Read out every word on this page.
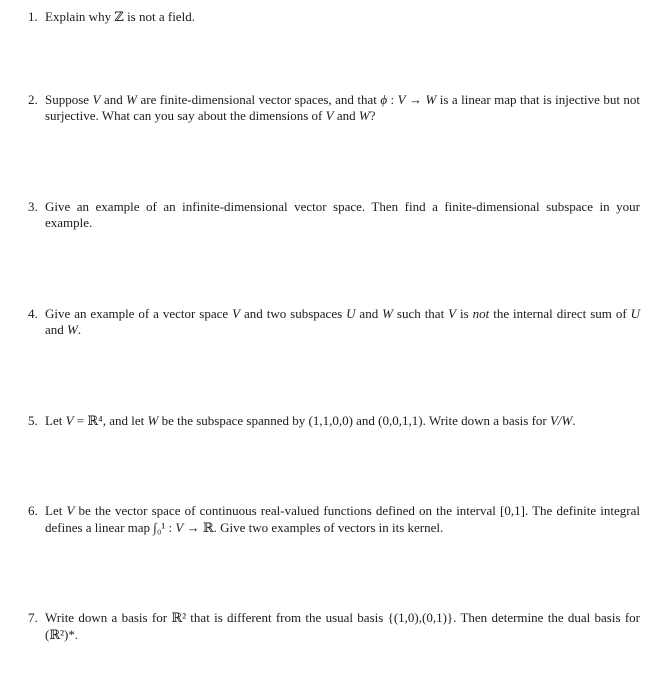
1. Explain why ℤ is not a field.
2. Suppose V and W are finite-dimensional vector spaces, and that ϕ : V → W is a linear map that is injective but not surjective. What can you say about the dimensions of V and W?
3. Give an example of an infinite-dimensional vector space. Then find a finite-dimensional subspace in your example.
4. Give an example of a vector space V and two subspaces U and W such that V is not the internal direct sum of U and W.
5. Let V = ℝ⁴, and let W be the subspace spanned by (1,1,0,0) and (0,0,1,1). Write down a basis for V/W.
6. Let V be the vector space of continuous real-valued functions defined on the interval [0,1]. The definite integral defines a linear map ∫₀¹ : V → ℝ. Give two examples of vectors in its kernel.
7. Write down a basis for ℝ² that is different from the usual basis {(1,0),(0,1)}. Then determine the dual basis for (ℝ²)*.
